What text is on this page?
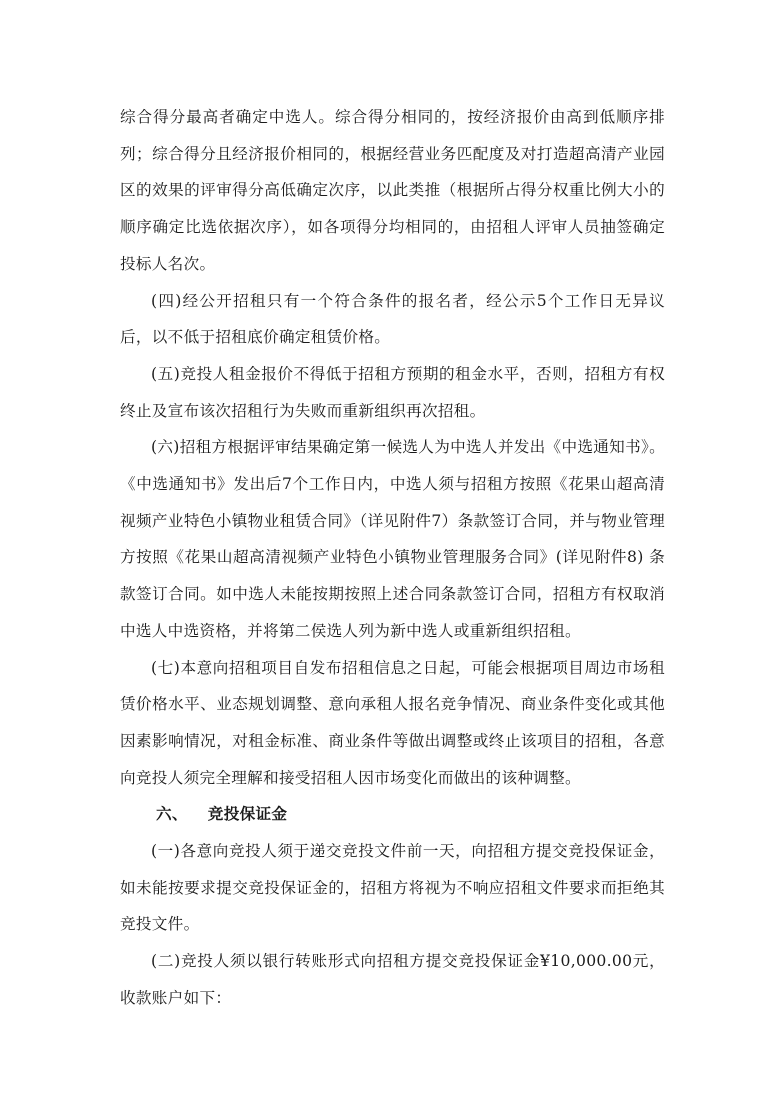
综合得分最高者确定中选人。综合得分相同的，按经济报价由高到低顺序排列；综合得分且经济报价相同的，根据经营业务匹配度及对打造超高清产业园区的效果的评审得分高低确定次序，以此类推（根据所占得分权重比例大小的顺序确定比选依据次序），如各项得分均相同的，由招租人评审人员抽签确定投标人名次。

(四)经公开招租只有一个符合条件的报名者，经公示5个工作日无异议后，以不低于招租底价确定租赁价格。

(五)竞投人租金报价不得低于招租方预期的租金水平，否则，招租方有权终止及宣布该次招租行为失败而重新组织再次招租。

(六)招租方根据评审结果确定第一候选人为中选人并发出《中选通知书》。《中选通知书》发出后7个工作日内，中选人须与招租方按照《花果山超高清视频产业特色小镇物业租赁合同》（详见附件7）条款签订合同，并与物业管理方按照《花果山超高清视频产业特色小镇物业管理服务合同》(详见附件8) 条款签订合同。如中选人未能按期按照上述合同条款签订合同，招租方有权取消中选人中选资格，并将第二侯选人列为新中选人或重新组织招租。

(七)本意向招租项目自发布招租信息之日起，可能会根据项目周边市场租赁价格水平、业态规划调整、意向承租人报名竞争情况、商业条件变化或其他因素影响情况，对租金标准、商业条件等做出调整或终止该项目的招租，各意向竞投人须完全理解和接受招租人因市场变化而做出的该种调整。

六、 竞投保证金

(一)各意向竞投人须于递交竞投文件前一天，向招租方提交竞投保证金，如未能按要求提交竞投保证金的，招租方将视为不响应招租文件要求而拒绝其竞投文件。

(二)竞投人须以银行转账形式向招租方提交竞投保证金¥10,000.00元，收款账户如下：
